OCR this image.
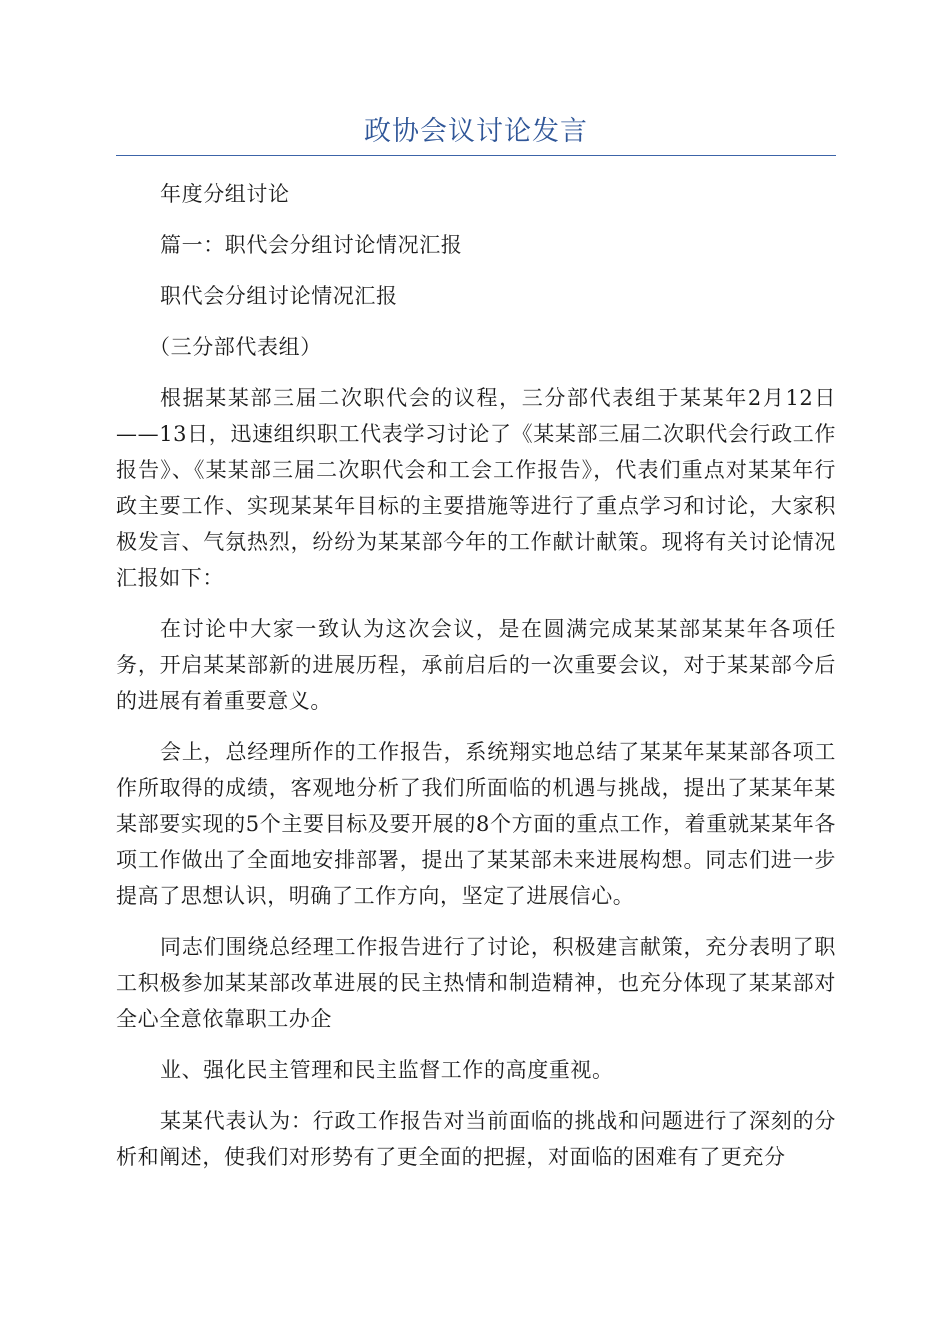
政协会议讨论发言

年度分组讨论

篇一：职代会分组讨论情况汇报

职代会分组讨论情况汇报

（三分部代表组）

根据某某部三届二次职代会的议程，三分部代表组于某某年2月12日——13日，迅速组织职工代表学习讨论了《某某部三届二次职代会行政工作报告》、《某某部三届二次职代会和工会工作报告》，代表们重点对某某年行政主要工作、实现某某年目标的主要措施等进行了重点学习和讨论，大家积极发言、气氛热烈，纷纷为某某部今年的工作献计献策。现将有关讨论情况汇报如下：

在讨论中大家一致认为这次会议，是在圆满完成某某部某某年各项任务，开启某某部新的进展历程，承前启后的一次重要会议，对于某某部今后的进展有着重要意义。

会上，总经理所作的工作报告，系统翔实地总结了某某年某某部各项工作所取得的成绩，客观地分析了我们所面临的机遇与挑战，提出了某某年某某部要实现的5个主要目标及要开展的8个方面的重点工作，着重就某某年各项工作做出了全面地安排部署，提出了某某部未来进展构想。同志们进一步提高了思想认识，明确了工作方向，坚定了进展信心。

同志们围绕总经理工作报告进行了讨论，积极建言献策，充分表明了职工积极参加某某部改革进展的民主热情和制造精神，也充分体现了某某部对全心全意依靠职工办企

业、强化民主管理和民主监督工作的高度重视。

某某代表认为：行政工作报告对当前面临的挑战和问题进行了深刻的分析和阐述，使我们对形势有了更全面的把握，对面临的困难有了更充分
